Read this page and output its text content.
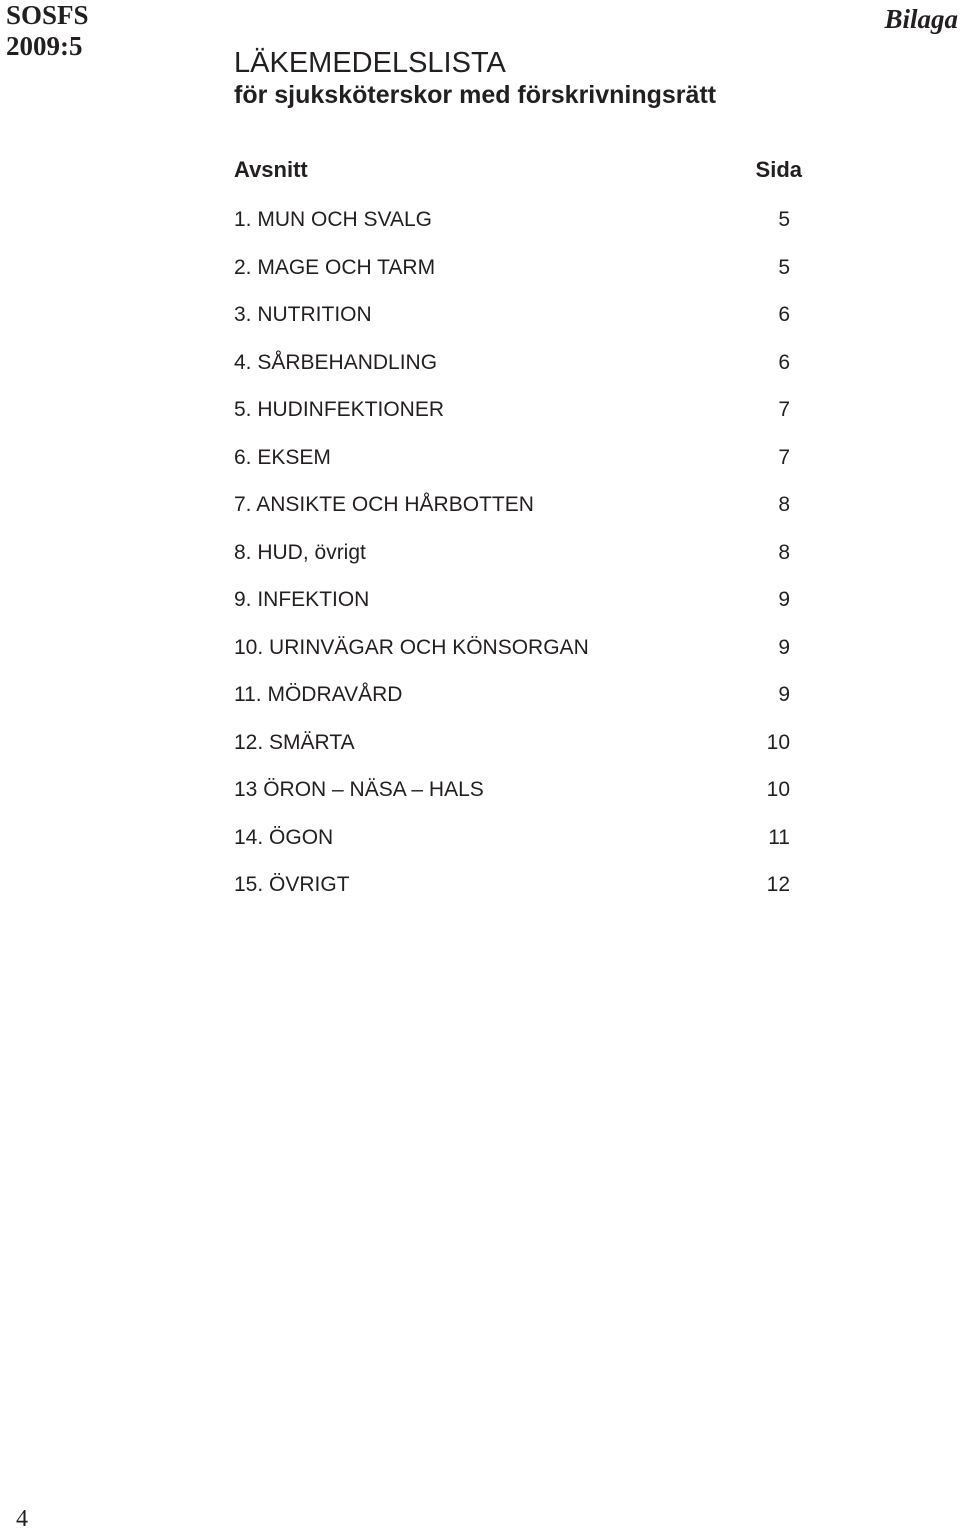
SOSFS
2009:5
Bilaga
LÄKEMEDELSLISTA
för sjuksköterskor med förskrivningsrätt
Avsnitt	Sida
1. MUN OCH SVALG	5
2. MAGE OCH TARM	5
3. NUTRITION	6
4. SÅRBEHANDLING	6
5. HUDINFEKTIONER	7
6. EKSEM	7
7. ANSIKTE OCH HÅRBOTTEN	8
8. HUD, övrigt	8
9. INFEKTION	9
10. URINVÄGAR OCH KÖNSORGAN	9
11. MÖDRAVÅRD	9
12. SMÄRTA	10
13 ÖRON – NÄSA – HALS	10
14. ÖGON	11
15. ÖVRIGT	12
4
